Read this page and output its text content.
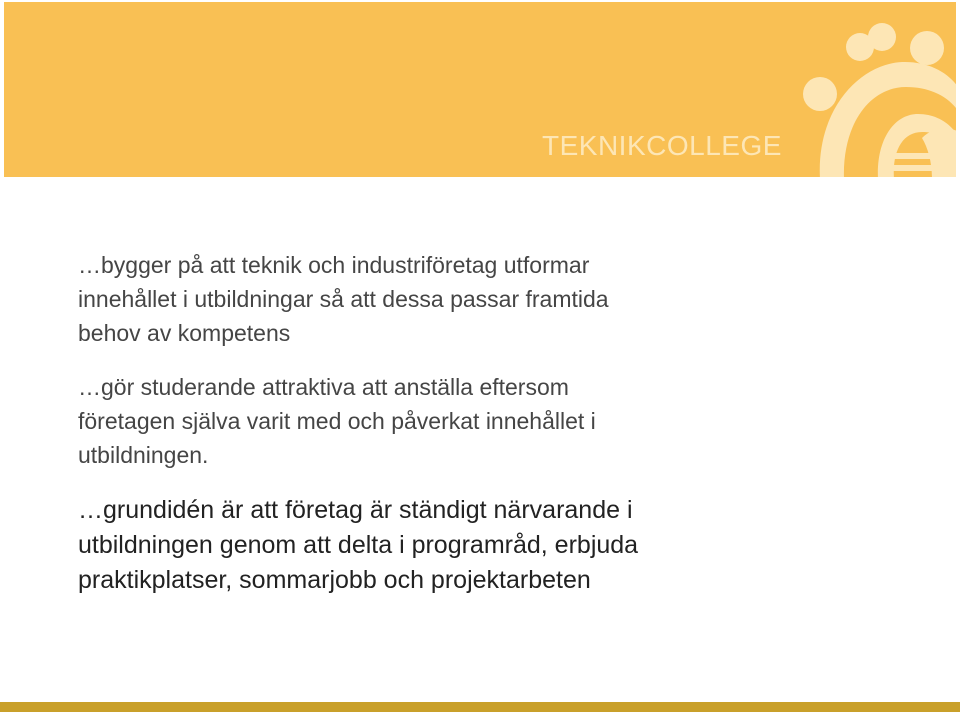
TEKNIKCOLLEGE

…bygger på att teknik och industriföretag utformar
innehållet i utbildningar så att dessa passar framtida
behov av kompetens

…gör studerande attraktiva att anställa eftersom
företagen själva varit med och påverkat innehållet i
utbildningen.

…grundidén är att företag är ständigt närvarande i
utbildningen genom att delta i programråd, erbjuda
praktikplatser, sommarjobb och projektarbeten
